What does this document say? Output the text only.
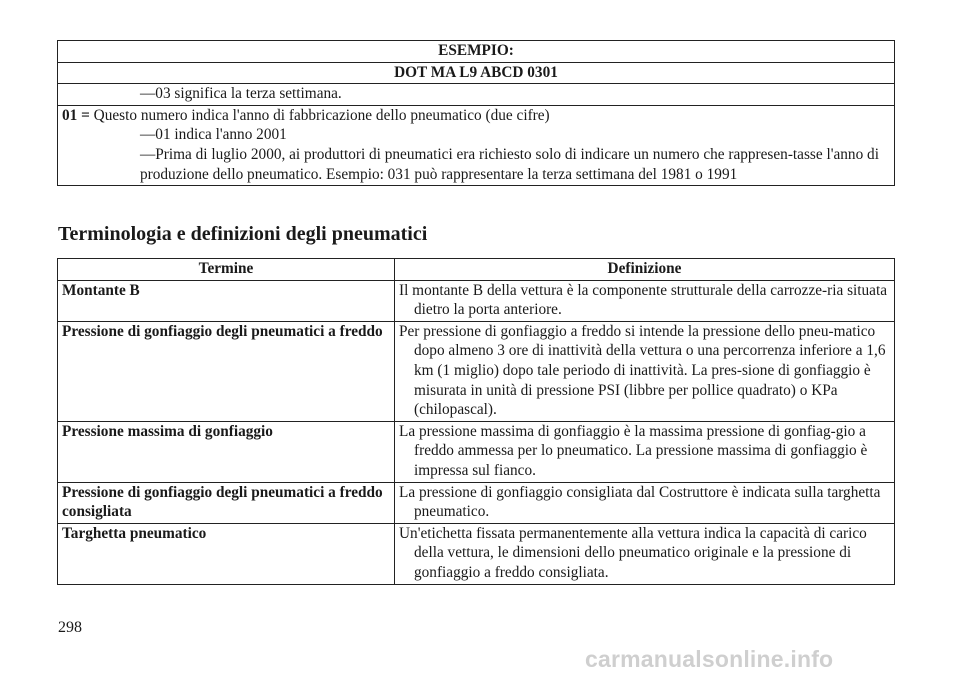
ESEMPIO:
DOT MA L9 ABCD 0301

—03 significa la terza settimana.

01 = Questo numero indica l'anno di fabbricazione dello pneumatico (due cifre)
—01 indica l'anno 2001
—Prima di luglio 2000, ai produttori di pneumatici era richiesto solo di indicare un numero che rappresen-tasse l'anno di produzione dello pneumatico. Esempio: 031 può rappresentare la terza settimana del 1981 o 1991
Terminologia e definizioni degli pneumatici
Termine	Definizione
Montante B	Il montante B della vettura è la componente strutturale della carrozze-ria situata dietro la porta anteriore.

Pressione di gonfiaggio degli pneumatici a freddo	Per pressione di gonfiaggio a freddo si intende la pressione dello pneu-matico dopo almeno 3 ore di inattività della vettura o una percorrenza inferiore a 1,6 km (1 miglio) dopo tale periodo di inattività. La pres-sione di gonfiaggio è misurata in unità di pressione PSI (libbre per pollice quadrato) o KPa (chilopascal).

Pressione massima di gonfiaggio	La pressione massima di gonfiaggio è la massima pressione di gonfiag-gio a freddo ammessa per lo pneumatico. La pressione massima di gonfiaggio è impressa sul fianco.

Pressione di gonfiaggio degli pneumatici a freddo consigliata	La pressione di gonfiaggio consigliata dal Costruttore è indicata sulla targhetta pneumatico.

Targhetta pneumatico	Un'etichetta fissata permanentemente alla vettura indica la capacità di carico della vettura, le dimensioni dello pneumatico originale e la pressione di gonfiaggio a freddo consigliata.
298
carmanualsonline.info
